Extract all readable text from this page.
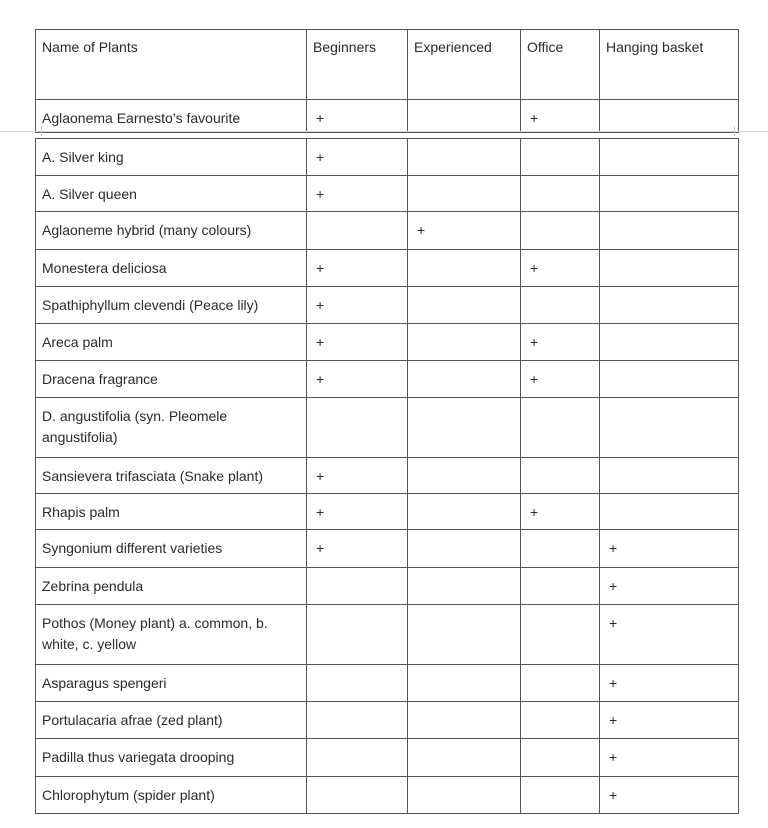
Name of Plants	Beginners	Experienced	Office	Hanging basket
Aglaonema Earnesto’s favourite	+		+	
A. Silver king	+			
A. Silver queen	+			
Aglaoneme hybrid (many colours)		+		
Monestera deliciosa	+		+	
Spathiphyllum clevendi (Peace lily)	+			
Areca palm	+		+	
Dracena fragrance	+		+	
D. angustifolia (syn. Pleomele angustifolia)				
Sansievera trifasciata (Snake plant)	+			
Rhapis palm	+		+	
Syngonium different varieties	+			+
Zebrina pendula				+
Pothos (Money plant) a. common, b. white, c. yellow				+
Asparagus spengeri				+
Portulacaria afrae (zed plant)				+
Padilla thus variegata drooping				+
Chlorophytum (spider plant)				+
